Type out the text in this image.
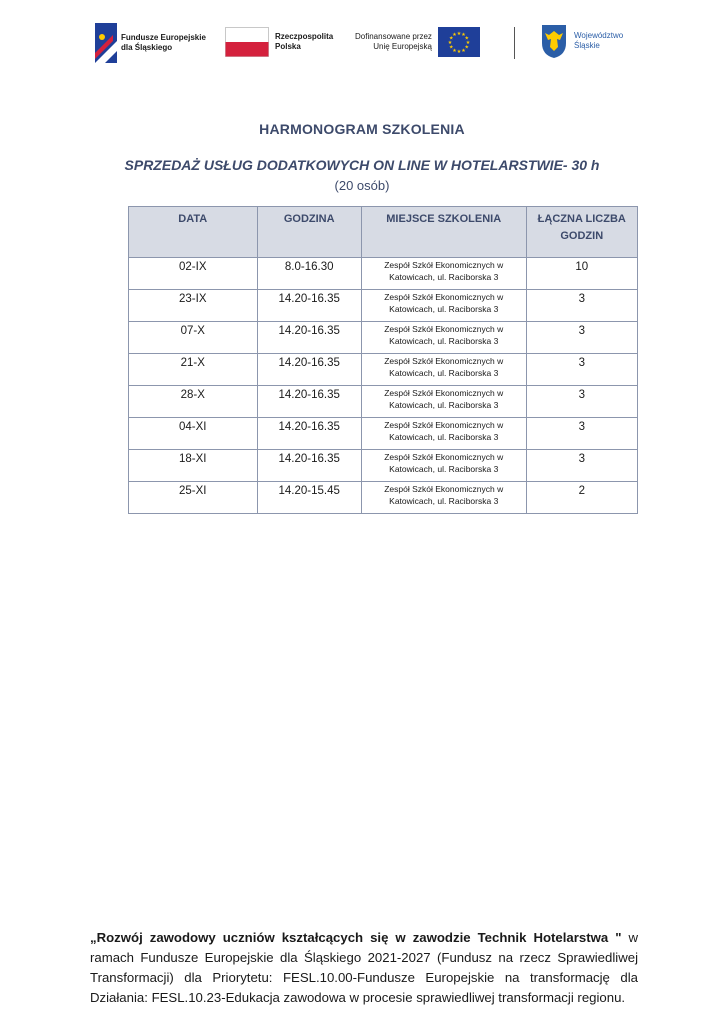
Fundusze Europejskie
dla Śląskiego
Rzeczpospolita
Polska
Dofinansowane przez
Unię Europejską
★ ★
★
★
★
★
★
★
★
★
★
★	Województwo
Śląskie
HARMONOGRAM SZKOLENIA
SPRZEDAŻ USŁUG DODATKOWYCH ON LINE W HOTELARSTWIE- 30 h
(20 osób)
DATA	GODZINA	MIEJSCE SZKOLENIA	ŁĄCZNA LICZBA GODZIN
02-IX	8.0-16.30	Zespół Szkół Ekonomicznych w Katowicach, ul. Raciborska 3	10
23-IX	14.20-16.35	Zespół Szkół Ekonomicznych w Katowicach, ul. Raciborska 3	3
07-X	14.20-16.35	Zespół Szkół Ekonomicznych w Katowicach, ul. Raciborska 3	3
21-X	14.20-16.35	Zespół Szkół Ekonomicznych w Katowicach, ul. Raciborska 3	3
28-X	14.20-16.35	Zespół Szkół Ekonomicznych w Katowicach, ul. Raciborska 3	3
04-XI	14.20-16.35	Zespół Szkół Ekonomicznych w Katowicach, ul. Raciborska 3	3
18-XI	14.20-16.35	Zespół Szkół Ekonomicznych w Katowicach, ul. Raciborska 3	3
25-XI	14.20-15.45	Zespół Szkół Ekonomicznych w Katowicach, ul. Raciborska 3	2
„Rozwój zawodowy uczniów kształcących się w zawodzie Technik Hotelarstwa " w ramach Fundusze Europejskie dla Śląskiego 2021-2027 (Fundusz na rzecz Sprawiedliwej Transformacji) dla Priorytetu: FESL.10.00-Fundusze Europejskie na transformację dla Działania: FESL.10.23-Edukacja zawodowa w procesie sprawiedliwej transformacji regionu.
